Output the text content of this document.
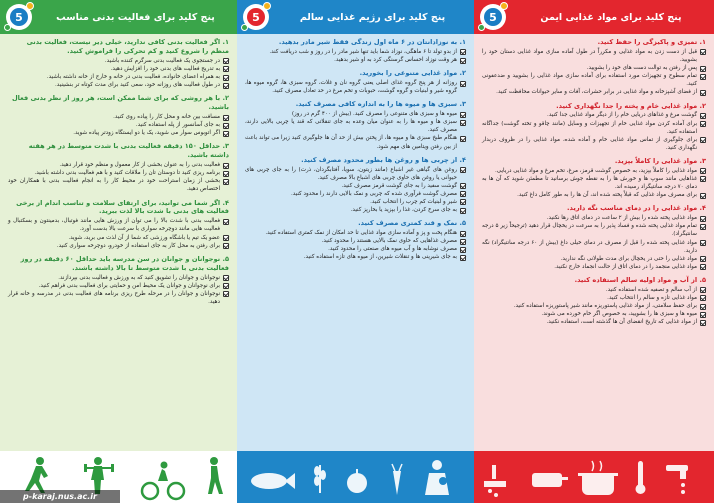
پنج کلید برای مواد غذایی ایمن
5
۱. تمیزی و پاکیزگی را حفظ کنید.
قبل از دست زدن به مواد غذایی و مکرراً در طول آماده سازی مواد غذایی دستان خود را بشویید.
پس از رفتن به توالت دست های خود را بشویید.
تمام سطوح و تجهیزات مورد استفاده برای آماده سازی مواد غذایی را بشویید و ضدعفونی کنید.
از فضای آشپزخانه و مواد غذایی در برابر حشرات، آفات و سایر حیوانات محافظت کنید.
۲. مواد غذایی خام و پخته را جدا نگهداری کنید.
گوشت مرغ و غذاهای دریایی خام را از دیگر مواد غذایی جدا کنید.
برای آماده کردن مواد غذایی خام از تجهیزات و وسایل (مانند چاقو و تخته گوشت) جداگانه استفاده کنید.
برای جلوگیری از تماس مواد غذایی خام و آماده شده، مواد غذایی را در ظروف دربدار نگهداری کنید.
۳. مواد غذایی را کاملاً بپزید.
مواد غذایی را کاملاً بپزید، به خصوص گوشت قرمز، مرغ، تخم مرغ و مواد غذایی دریایی.
غذاهایی مانند سوپ ها و خورش ها را به نقطه جوش برسانید تا مطمئن شوید که آن ها به دمای ۷۰ درجه سانتیگراد رسیده اند.
برای مصرف مواد غذایی که قبلاً پخته شده اند، آن ها را به طور کامل داغ کنید.
۴. مواد غذایی را در دمای مناسب نگه دارید.
مواد غذایی پخته شده را بیش از ۲ ساعت در دمای اتاق رها نکنید.
تمام مواد غذایی پخته شده و فساد پذیر را به سرعت در یخچال قرار دهید (ترجیحاً زیر ۵ درجه سانتیگراد).
مواد غذایی پخته شده را قبل از مصرف در دمای خیلی داغ (بیش از ۶۰ درجه سانتیگراد) نگه دارید.
مواد غذایی را حتی در یخچال برای مدت طولانی نگه ندارید.
مواد غذایی منجمد را در دمای اتاق از حالت انجماد خارج نکنید.
۵. از آب و مواد اولیه سالم استفاده کنید.
از آب سالم و تصفیه شده استفاده کنید.
مواد غذایی تازه و سالم را انتخاب کنید.
برای حفظ سلامتی، از مواد غذایی پاستوریزه مانند شیر پاستوریزه استفاده کنید.
میوه ها و سبزی ها را بشویید، به خصوص اگر خام خورده می شوند.
از مواد غذایی که تاریخ انقضای آن ها گذشته است، استفاده نکنید.
پنج کلید برای رژیم غذایی سالم
5
۱. به نوزادانتان در ۶ ماه اول زندگی فقط شیر مادر بدهید.
از بدو تولد تا ۶ ماهگی، نوزاد شما باید تنها شیر مادر را در روز و شب دریافت کند.
هر وقت نوزاد احساس گرسنگی کرد به او شیر بدهید.
۲. مواد غذایی متنوعی را بخورید.
روزانه از هر پنج گروه غذای اصلی یعنی گروه نان و غلات، گروه سبزی ها، گروه میوه ها، گروه شیر و لبنیات و گروه گوشت، حبوبات و تخم مرغ در حد تعادل مصرف کنید.
۳. سبزی ها و میوه ها را به اندازه کافی مصرف کنید.
میوه ها و سبزی های متنوعی را مصرف کنید. (بیش از ۴۰۰ گرم در روز)
سبزی ها و میوه ها را به عنوان میان وعده به جای تنقلاتی که قند یا چربی بالایی دارند، مصرف کنید.
هنگام طبخ سبزی ها و میوه ها، از پختن بیش از حد آن ها جلوگیری کنید زیرا می تواند باعث از بین رفتن ویتامین های مهم شود.
۴. از چربی ها و روغن ها بطور محدود مصرف کنید.
روغن های گیاهی غیر اشباع (مانند زیتون، سویا، آفتابگردان، ذرت) را به جای چربی های حیوانی یا روغن های حاوی چربی های اشباع بالا مصرف کنید.
گوشت سفید را به جای گوشت قرمز مصرف کنید.
مصرف گوشت فرآوری شده که چربی و نمک بالایی دارند را محدود کنید.
شیر و لبنیات کم چرب را انتخاب کنید.
به جای سرخ کردن، غذا را بپزید یا بخارپز کنید.
۵. نمک و قند کمتری مصرف کنید.
هنگام پخت و پز و آماده سازی مواد غذایی تا حد امکان از نمک کمتری استفاده کنید.
مصرف غذاهایی که حاوی نمک بالایی هستند را محدود کنید.
مصرف نوشابه ها و آب میوه های صنعتی را محدود کنید.
به جای شیرینی ها و تنقلات شیرین، از میوه های تازه استفاده کنید.
پنج کلید برای فعالیت بدنی مناسب
5
۱. اگر فعالیت بدنی کافی ندارید، خیلی دیر نیست، فعالیت بدنی منظم را شروع کنید و کم تحرکی را فراموش کنید.
در جستجوی یک فعالیت بدنی سرگرم کننده باشید.
به تدریج فعالیت های بدنی خود را افزایش دهید.
به همراه اعضای خانواده، فعالیت بدنی در خانه و خارج از خانه داشته باشید.
در طول فعالیت های روزانه خود، سعی کنید برای مدت کوتاه تر بنشینید.
۲. با هر روشی که برای شما ممکن است، هر روز از نظر بدنی فعال باشید.
مسافت بین خانه و محل کار را پیاده روی کنید.
به جای آسانسور از پله استفاده کنید.
اگر اتوبوس سوار می شوید، یک یا دو ایستگاه زودتر پیاده شوید.
۳. حداقل ۱۵۰ دقیقه فعالیت بدنی با شدت متوسط در هر هفته داشته باشید.
فعالیت بدنی را به عنوان بخشی از کار معمول و منظم خود قرار دهید.
برنامه ریزی کنید تا دوستان تان را ملاقات کنید و با هم فعالیت بدنی داشته باشید.
بخشی از زمان استراحت خود در محیط کار را به انجام فعالیت بدنی با همکاران خود اختصاص دهید.
۴. اگر شما می توانید، برای ارتقای سلامت و تناسب اندام از برخی فعالیت های بدنی با شدت بالا لذت ببرید.
فعالیت بدنی با شدت بالا را می توان از ورزش هایی مانند فوتبال، بدمینتون و بسکتبال و فعالیت هایی مانند دوچرخه سواری با سرعت بالا بدست آورد.
عضو یک تیم یا باشگاه ورزشی که شما از آن لذت می برید، شوید.
برای رفتن به محل کار به جای استفاده از خودرو، دوچرخه سواری کنید.
۵. نوجوانان و جوانان در سن مدرسه باید حداقل ۶۰ دقیقه در روز فعالیت بدنی با شدت متوسط تا بالا داشته باشند.
نوجوانان و جوانان را تشویق کنید که به ورزش و فعالیت بدنی بپردازند.
برای نوجوانان و جوانان یک محیط امن و حمایتی برای فعالیت بدنی فراهم کنید.
نوجوانان و جوانان را در مرحله طرح ریزی برنامه های فعالیت بدنی در مدرسه و خانه قرار دهید.
p-karaj.nus.ac.ir
